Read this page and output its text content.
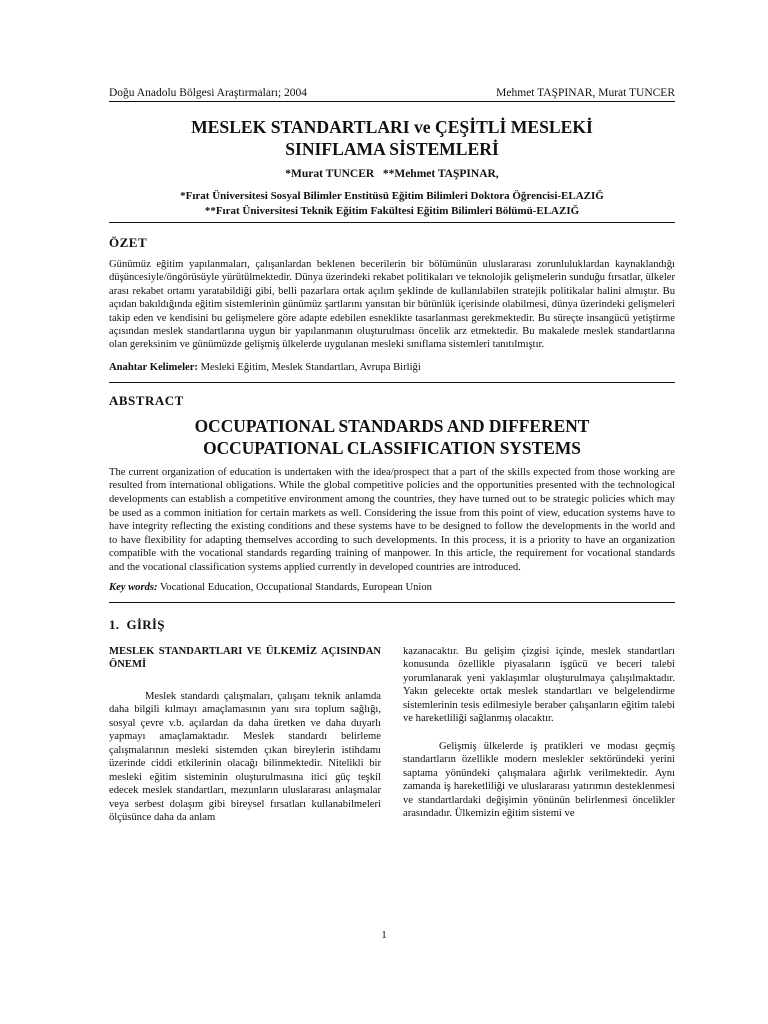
Doğu Anadolu Bölgesi Araştırmaları; 2004	Mehmet TAŞPINAR, Murat TUNCER
MESLEK STANDARTLARI ve ÇEŞİTLİ MESLEKİ
SINIFLAMA SİSTEMLERİ
*Murat TUNCER   **Mehmet TAŞPINAR,
*Fırat Üniversitesi Sosyal Bilimler Enstitüsü Eğitim Bilimleri Doktora Öğrencisi-ELAZIĞ
**Fırat Üniversitesi Teknik Eğitim Fakültesi Eğitim Bilimleri Bölümü-ELAZIĞ
ÖZET

Günümüz eğitim yapılanmaları, çalışanlardan beklenen becerilerin bir bölümünün uluslararası zorunluluklardan kaynaklandığı düşüncesiyle/öngörüsüyle yürütülmektedir. Dünya üzerindeki rekabet politikaları ve teknolojik gelişmelerin sunduğu fırsatlar, ülkeler arası rekabet ortamı yaratabildiği gibi, belli pazarlara ortak açılım şeklinde de kullanılabilen stratejik politikalar halini almıştır. Bu açıdan bakıldığında eğitim sistemlerinin günümüz şartlarını yansıtan bir bütünlük içerisinde olabilmesi, dünya üzerindeki gelişmeleri takip eden ve kendisini bu gelişmelere göre adapte edebilen esneklikte tasarlanması gerekmektedir. Bu süreçte insangücü yetiştirme açısından meslek standartlarına uygun bir yapılanmanın oluşturulması öncelik arz etmektedir. Bu makalede meslek standartlarına olan gereksinim ve günümüzde gelişmiş ülkelerde uygulanan mesleki sınıflama sistemleri tanıtılmıştır.

Anahtar Kelimeler: Mesleki Eğitim, Meslek Standartları, Avrupa Birliği
ABSTRACT
OCCUPATIONAL STANDARDS AND DIFFERENT
OCCUPATIONAL CLASSIFICATION SYSTEMS

The current organization of education is undertaken with the idea/prospect that a part of the skills expected from those working are resulted from international obligations. While the global competitive policies and the opportunities presented with the technological developments can establish a competitive environment among the countries, they have turned out to be strategic policies which may be used as a common initiation for certain markets as well. Considering the issue from this point of view, education systems have to have integrity reflecting the existing conditions and these systems have to be designed to follow the developments in the world and to have flexibility for adapting themselves according to such developments. In this process, it is a priority to have an organization compatible with the vocational standards regarding training of manpower. In this article, the requirement for vocational standards and the vocational classification systems applied currently in developed countries are introduced.

Key words: Vocational Education, Occupational Standards, European Union
1.  GİRİŞ
MESLEK STANDARTLARI VE ÜLKEMİZ AÇISINDAN ÖNEMİ

Meslek standardı çalışmaları, çalışanı teknik anlamda daha bilgili kılmayı amaçlamasının yanı sıra toplum sağlığı, sosyal çevre v.b. açılardan da daha üretken ve daha duyarlı yapmayı amaçlamaktadır. Meslek standardı belirleme çalışmalarının mesleki sistemden çıkan bireylerin istihdamı üzerinde ciddi etkilerinin olacağı bilinmektedir. Nitelikli bir mesleki eğitim sisteminin oluşturulmasına itici güç teşkil edecek meslek standartları, mezunların uluslararası anlaşmalar veya serbest dolaşım gibi bireysel fırsatları kullanabilmeleri ölçüsünce daha da anlam

kazanacaktır. Bu gelişim çizgisi içinde, meslek standartları konusunda özellikle piyasaların işgücü ve beceri talebi yorumlanarak yeni yaklaşımlar oluşturulmaya çalışılmaktadır. Yakın gelecekte ortak meslek standartları ve belgelendirme sistemlerinin tesis edilmesiyle beraber çalışanların eğitim talebi ve hareketliliği sağlanmış olacaktır.

Gelişmiş ülkelerde iş pratikleri ve modası geçmiş standartların özellikle modern meslekler sektöründeki yerini saptama yönündeki çalışmalara ağırlık verilmektedir. Aynı zamanda iş hareketliliği ve uluslararası yatırımın desteklenmesi ve standartlardaki değişimin yönünün belirlenmesi öncelikler arasındadır. Ülkemizin eğitim sistemi ve

1
